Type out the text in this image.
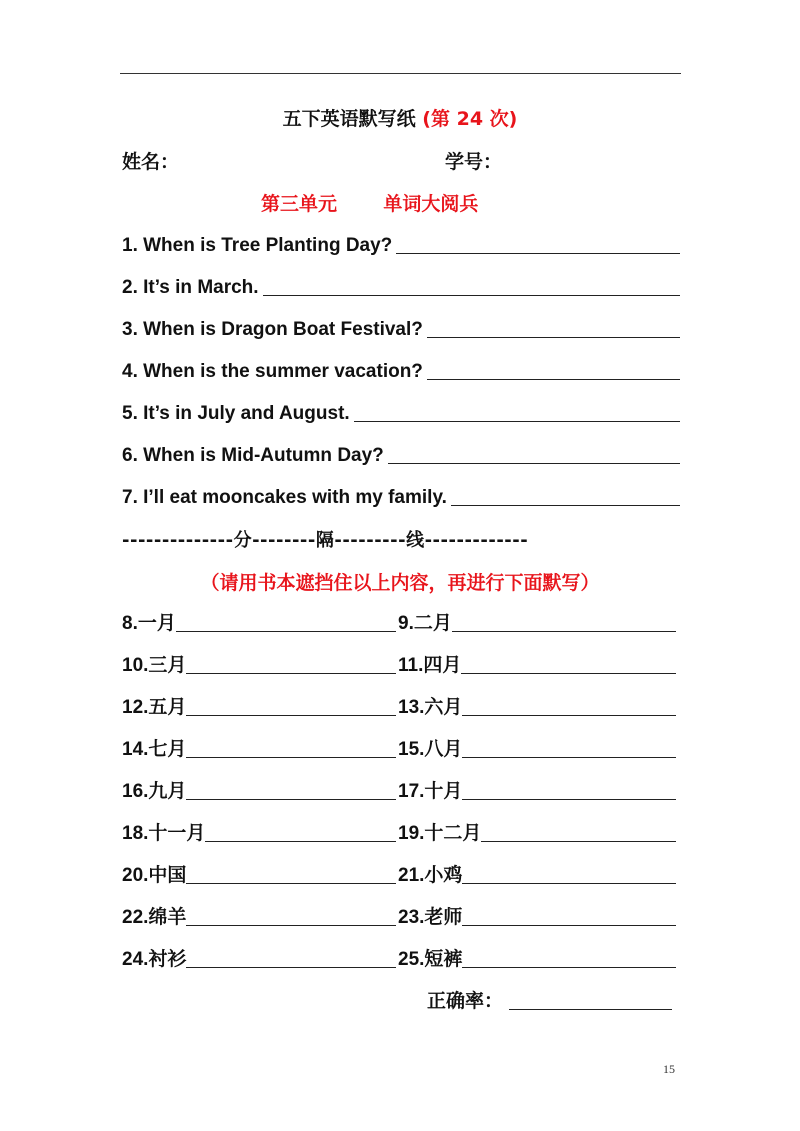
五下英语默写纸 (第 24 次)
姓名：	学号：
第三单元 单词大阅兵
1. When is Tree Planting Day?
2. It’s in March.
3. When is Dragon Boat Festival?
4. When is the summer vacation?
5. It’s in July and August.
6. When is Mid-Autumn Day?
7. I’ll eat mooncakes with my family.
--------------分--------隔---------线-------------
（请用书本遮挡住以上内容，再进行下面默写）
8.一月	9.二月
10.三月	11.四月
12.五月	13.六月
14.七月	15.八月
16.九月	17.十月
18.十一月	19.十二月
20.中国	21.小鸡
22.绵羊	23.老师
24.衬衫	25.短裤
正确率：
15
